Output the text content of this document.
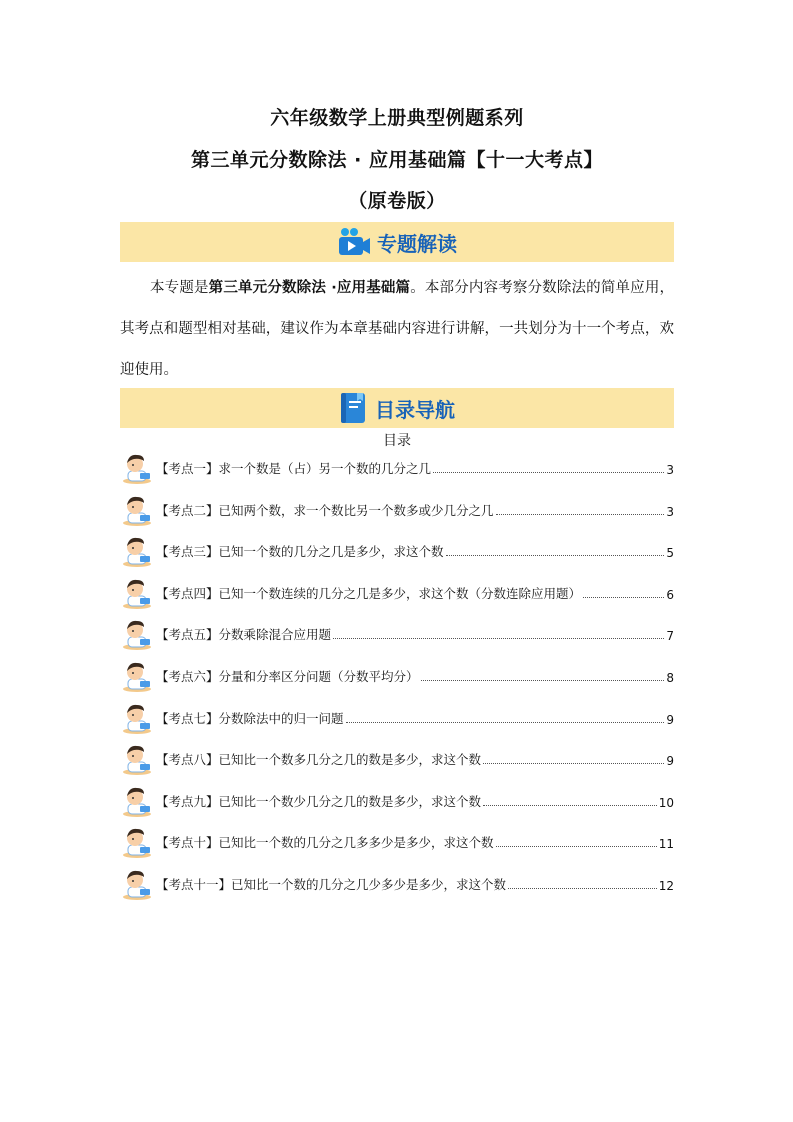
六年级数学上册典型例题系列
第三单元分数除法 · 应用基础篇【十一大考点】
（原卷版）
专题解读
本专题是第三单元分数除法 ·应用基础篇。本部分内容考察分数除法的简单应用，其考点和题型相对基础，建议作为本章基础内容进行讲解，一共划分为十一个考点，欢迎使用。
目录导航
目录
【考点一】求一个数是（占）另一个数的几分之几	3
【考点二】已知两个数，求一个数比另一个数多或少几分之几	3
【考点三】已知一个数的几分之几是多少，求这个数	5
【考点四】已知一个数连续的几分之几是多少，求这个数（分数连除应用题）	6
【考点五】分数乘除混合应用题	7
【考点六】分量和分率区分问题（分数平均分）	8
【考点七】分数除法中的归一问题	9
【考点八】已知比一个数多几分之几的数是多少，求这个数	9
【考点九】已知比一个数少几分之几的数是多少，求这个数	10
【考点十】已知比一个数的几分之几多多少是多少，求这个数	11
【考点十一】已知比一个数的几分之几少多少是多少，求这个数	12
